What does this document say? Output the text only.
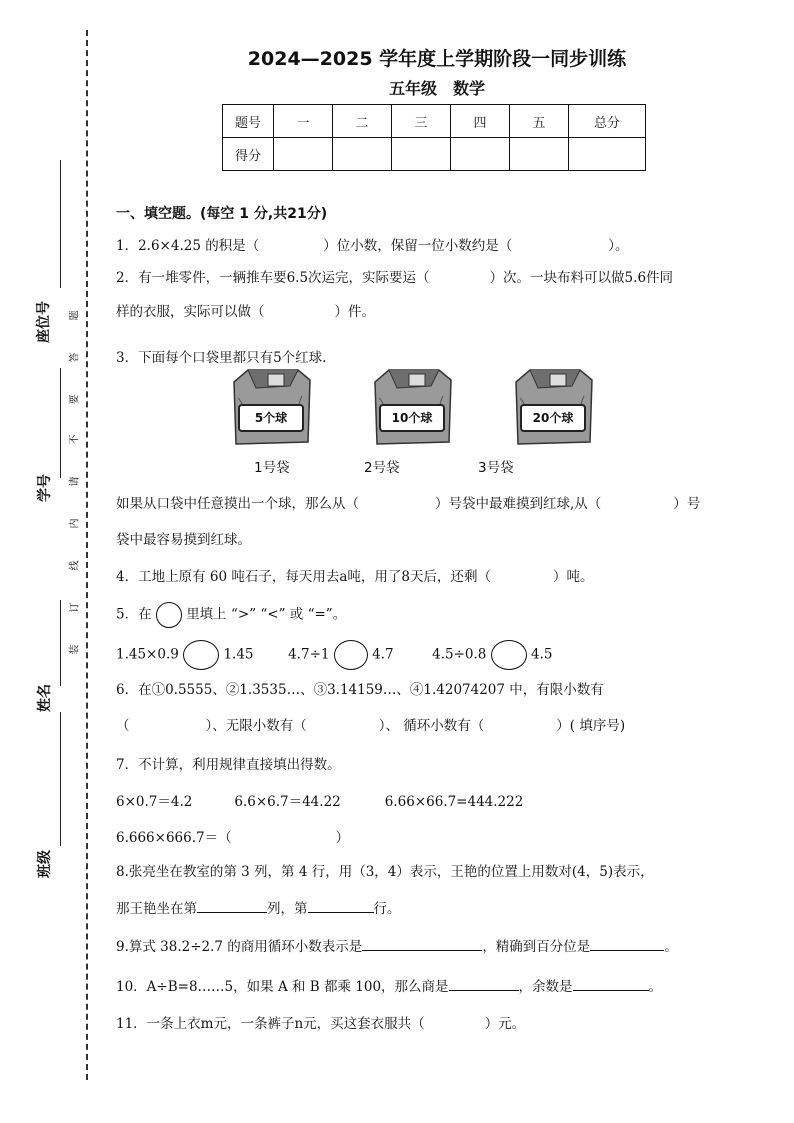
座位号
学号
姓名
班级
题
答
要
不
请
内
线
订
装
2024—2025 学年度上学期阶段一同步训练
五年级　数学
题号	一	二	三	四	五	总分
得分						
一、填空题。(每空 1 分,共21分)
1．2.6×4.25 的积是（	）位小数，保留一位小数约是（	）。
2．有一堆零件，一辆推车要6.5次运完，实际要运（	）次。一块布料可以做5.6件同
样的衣服，实际可以做（	）件。
3．下面每个口袋里都只有5个红球.
5个球	10个球	20个球
1号袋	2号袋	3号袋
如果从口袋中任意摸出一个球，那么从（	）号袋中最难摸到红球,从（	）号
袋中最容易摸到红球。
4．工地上原有 60 吨石子，每天用去a吨，用了8天后，还剩（	）吨。
5．在	里填上 “>” “<” 或 “=”。
1.45×0.9	1.45	4.7÷1	4.7	4.5÷0.8	4.5
6．在①0.5555、②1.3535…、③3.14159…、④1.42074207 中，有限小数有
（	）、无限小数有（	）、 循环小数有（	）( 填序号)
7．不计算，利用规律直接填出得数。
6×0.7＝4.2	6.6×6.7＝44.22	6.66×66.7=444.222
6.666×666.7＝（	）
8.张亮坐在教室的第 3 列，第 4 行，用（3，4）表示，王艳的位置上用数对(4，5)表示，
那王艳坐在第	列，第	行。
9.算式 38.2÷2.7 的商用循环小数表示是	，精确到百分位是	。
10．A÷B=8……5，如果 A 和 B 都乘 100，那么商是	，余数是	。
11．一条上衣m元，一条裤子n元，买这套衣服共（	）元。
